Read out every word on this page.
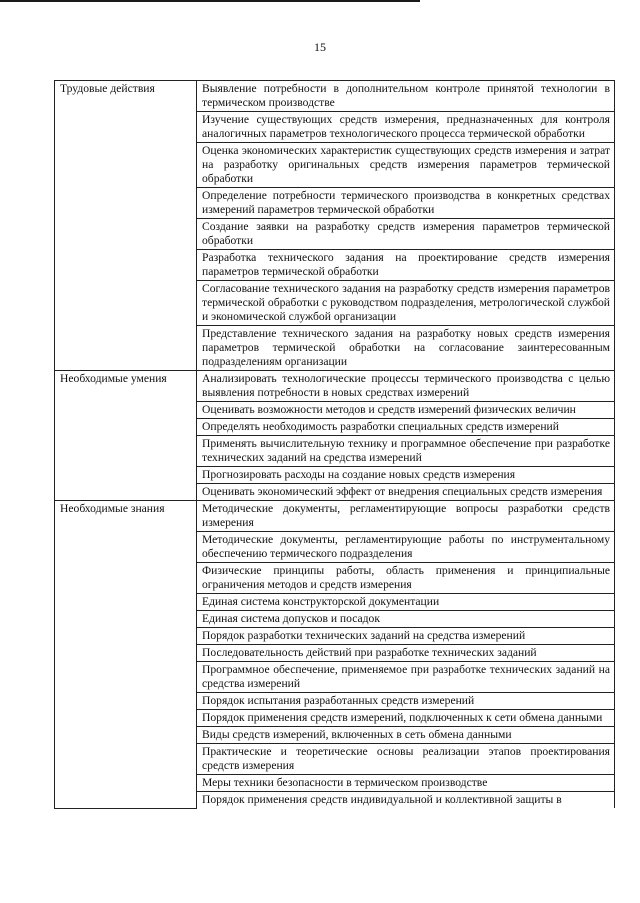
15
Трудовые действия	Выявление потребности в дополнительном контроле принятой технологии в термическом производстве
	Изучение существующих средств измерения, предназначенных для контроля аналогичных параметров технологического процесса термической обработки
	Оценка экономических характеристик существующих средств измерения и затрат на разработку оригинальных средств измерения параметров термической обработки
	Определение потребности термического производства в конкретных средствах измерений параметров термической обработки
	Создание заявки на разработку средств измерения параметров термической обработки
	Разработка технического задания на проектирование средств измерения параметров термической обработки
	Согласование технического задания на разработку средств измерения параметров термической обработки с руководством подразделения, метрологической службой и экономической службой организации
	Представление технического задания на разработку новых средств измерения параметров термической обработки на согласование заинтересованным подразделениям организации
Необходимые умения	Анализировать технологические процессы термического производства с целью выявления потребности в новых средствах измерений
	Оценивать возможности методов и средств измерений физических величин
	Определять необходимость разработки специальных средств измерений
	Применять вычислительную технику и программное обеспечение при разработке технических заданий на средства измерений
	Прогнозировать расходы на создание новых средств измерения
	Оценивать экономический эффект от внедрения специальных средств измерения
Необходимые знания	Методические документы, регламентирующие вопросы разработки средств измерения
	Методические документы, регламентирующие работы по инструментальному обеспечению термического подразделения
	Физические принципы работы, область применения и принципиальные ограничения методов и средств измерения
	Единая система конструкторской документации
	Единая система допусков и посадок
	Порядок разработки технических заданий на средства измерений
	Последовательность действий при разработке технических заданий
	Программное обеспечение, применяемое при разработке технических заданий на средства измерений
	Порядок испытания разработанных средств измерений
	Порядок применения средств измерений, подключенных к сети обмена данными
	Виды средств измерений, включенных в сеть обмена данными
	Практические и теоретические основы реализации этапов проектирования средств измерения
	Меры техники безопасности в термическом производстве
	Порядок применения средств индивидуальной и коллективной защиты в
